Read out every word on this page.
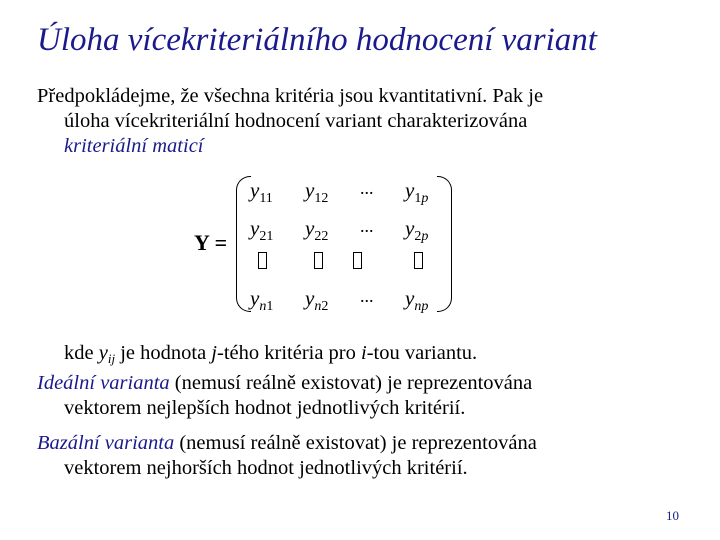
Úloha vícekriteriálního hodnocení variant
Předpokládejme, že všechna kritéria jsou kvantitativní. Pak je
úloha vícekriteriální hodnocení variant charakterizována
kriteriální maticí
Y =
$y_{11}$ $y_{12}$
... $y_{1p}$
$y_{21}$ $y_{22}$
... $y_{2p}$
$y_{n1}$ $y_{n2}$
... $y_{np}$
kde $y_{ij}$ je hodnota j-tého kritéria pro i-tou variantu.
Ideální varianta (nemusí reálně existovat) je reprezentována
vektorem nejlepších hodnot jednotlivých kritérií.
Bazální varianta (nemusí reálně existovat) je reprezentována
vektorem nejhorších hodnot jednotlivých kritérií.
10
